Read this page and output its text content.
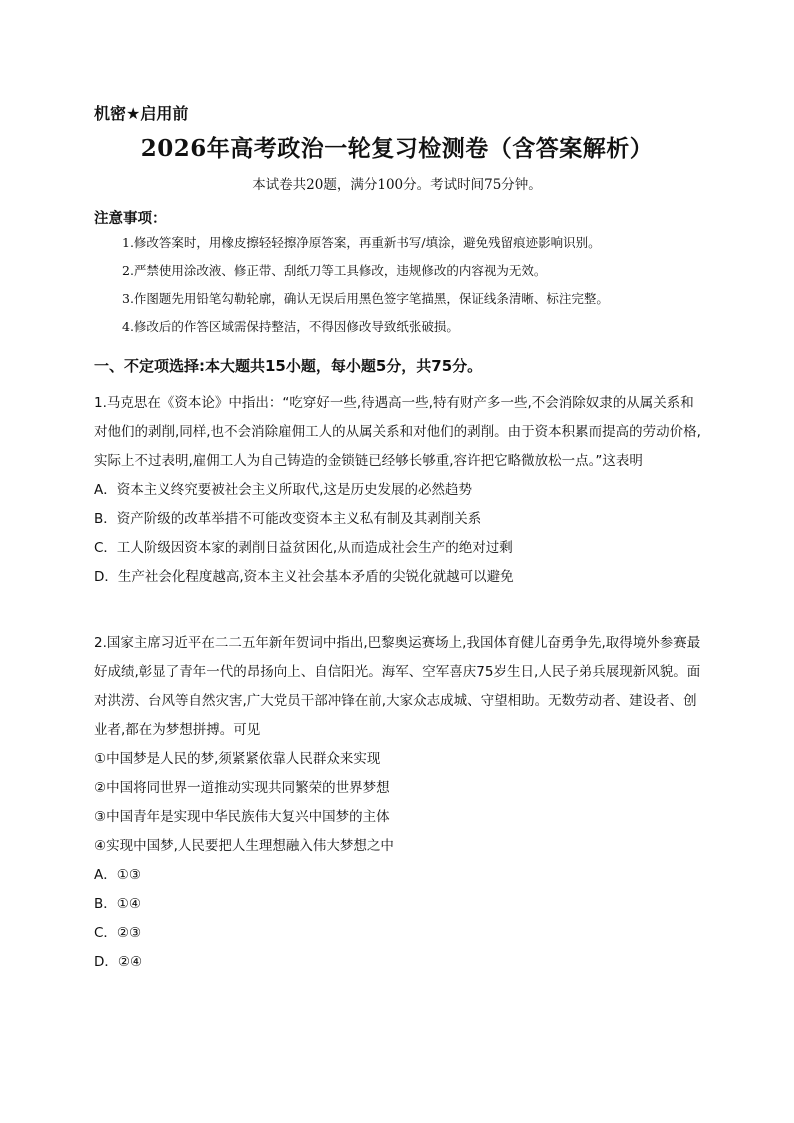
机密★启用前
2026年高考政治一轮复习检测卷（含答案解析）
本试卷共20题，满分100分。考试时间75分钟。
注意事项：
1.修改答案时，用橡皮擦轻轻擦净原答案，再重新书写/填涂，避免残留痕迹影响识别。
2.严禁使用涂改液、修正带、刮纸刀等工具修改，违规修改的内容视为无效。
3.作图题先用铅笔勾勒轮廓，确认无误后用黑色签字笔描黑，保证线条清晰、标注完整。
4.修改后的作答区域需保持整洁，不得因修改导致纸张破损。
一、不定项选择:本大题共15小题，每小题5分，共75分。
1.马克思在《资本论》中指出：“吃穿好一些,待遇高一些,特有财产多一些,不会消除奴隶的从属关系和对他们的剥削,同样,也不会消除雇佣工人的从属关系和对他们的剥削。由于资本积累而提高的劳动价格,实际上不过表明,雇佣工人为自己铸造的金锁链已经够长够重,容许把它略微放松一点。”这表明
A．资本主义终究要被社会主义所取代,这是历史发展的必然趋势
B．资产阶级的改革举措不可能改变资本主义私有制及其剥削关系
C．工人阶级因资本家的剥削日益贫困化,从而造成社会生产的绝对过剩
D．生产社会化程度越高,资本主义社会基本矛盾的尖锐化就越可以避免
2.国家主席习近平在二二五年新年贺词中指出,巴黎奥运赛场上,我国体育健儿奋勇争先,取得境外参赛最好成绩,彰显了青年一代的昂扬向上、自信阳光。海军、空军喜庆75岁生日,人民子弟兵展现新风貌。面对洪涝、台风等自然灾害,广大党员干部冲锋在前,大家众志成城、守望相助。无数劳动者、建设者、创业者,都在为梦想拼搏。可见
①中国梦是人民的梦,须紧紧依靠人民群众来实现
②中国将同世界一道推动实现共同繁荣的世界梦想
③中国青年是实现中华民族伟大复兴中国梦的主体
④实现中国梦,人民要把人生理想融入伟大梦想之中
A．①③
B．①④
C．②③
D．②④
